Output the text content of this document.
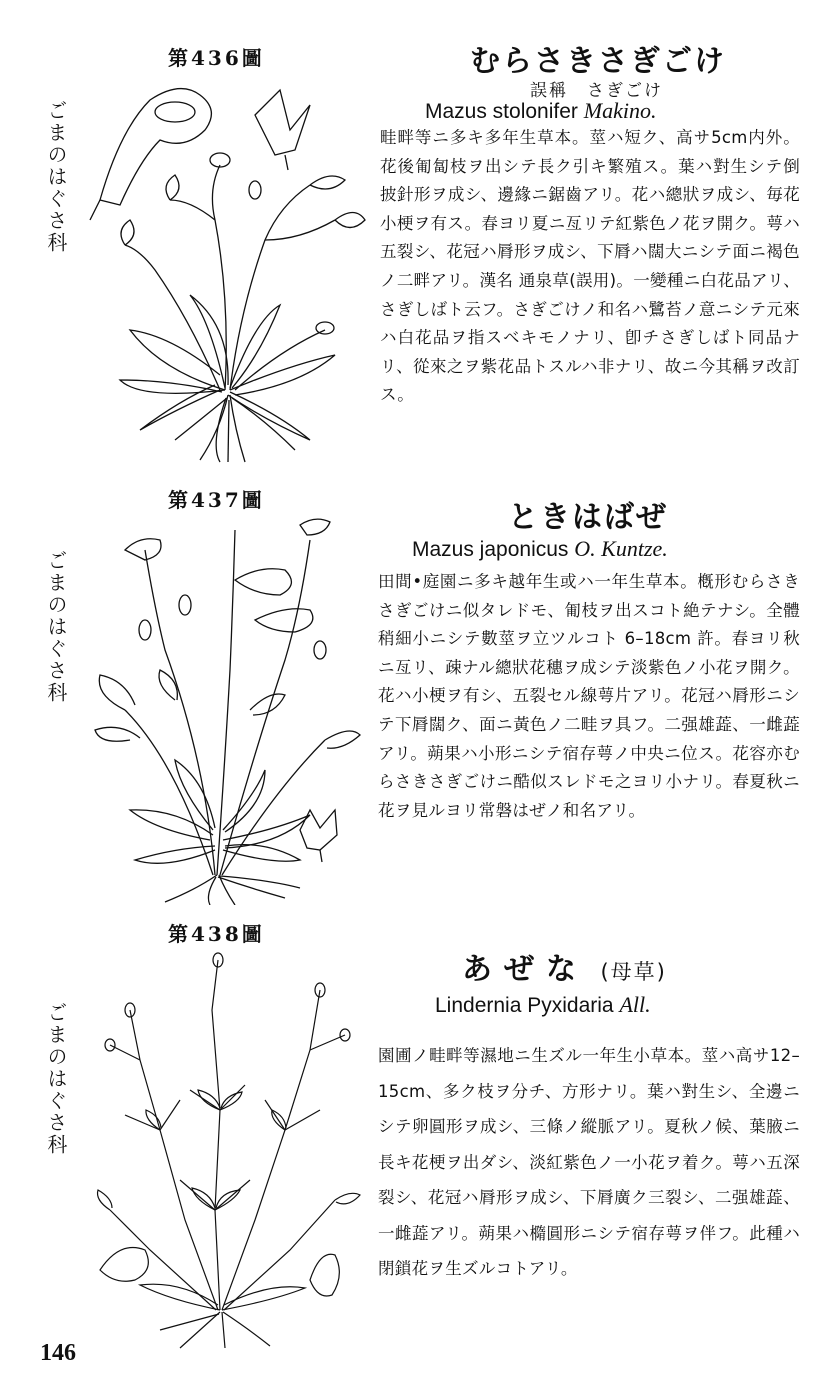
第436圖
ごまのはぐさ科
むらさきさぎごけ
誤稱　さぎごけ
Mazus stolonifer Makino.
畦畔等ニ多キ多年生草本。莖ハ短ク、高サ5cm内外。花後匍匐枝ヲ出シテ長ク引キ繁殖ス。葉ハ對生シテ倒披針形ヲ成シ、邊緣ニ鋸齒アリ。花ハ總狀ヲ成シ、毎花小梗ヲ有ス。春ヨリ夏ニ亙リテ紅紫色ノ花ヲ開ク。萼ハ五裂シ、花冠ハ脣形ヲ成シ、下脣ハ闊大ニシテ面ニ褐色ノ二畔アリ。漢名 通泉草(誤用)。一變種ニ白花品アリ、さぎしばト云フ。さぎごけノ和名ハ鷺苔ノ意ニシテ元來ハ白花品ヲ指スベキモノナリ、卽チさぎしばト同品ナリ、從來之ヲ紫花品トスルハ非ナリ、故ニ今其稱ヲ改訂ス。
第437圖
ごまのはぐさ科
ときはばぜ
Mazus japonicus O. Kuntze.
田間•庭園ニ多キ越年生或ハ一年生草本。槪形むらさきさぎごけニ似タレドモ、匍枝ヲ出スコト絶テナシ。全體稍細小ニシテ數莖ヲ立ツルコト 6–18cm 許。春ヨリ秋ニ亙リ、疎ナル總狀花穗ヲ成シテ淡紫色ノ小花ヲ開ク。花ハ小梗ヲ有シ、五裂セル線萼片アリ。花冠ハ脣形ニシテ下脣闊ク、面ニ黃色ノ二畦ヲ具フ。二强雄蕋、一雌蕋アリ。蒴果ハ小形ニシテ宿存萼ノ中央ニ位ス。花容亦むらさきさぎごけニ酷似スレドモ之ヨリ小ナリ。春夏秋ニ花ヲ見ルヨリ常磐はぜノ和名アリ。
第438圖
ごまのはぐさ科
あぜな (母草)
Lindernia Pyxidaria All.
園圃ノ畦畔等濕地ニ生ズル一年生小草本。莖ハ高サ12–15cm、多ク枝ヲ分チ、方形ナリ。葉ハ對生シ、全邊ニシテ卵圓形ヲ成シ、三條ノ縱脈アリ。夏秋ノ候、葉腋ニ長キ花梗ヲ出ダシ、淡紅紫色ノ一小花ヲ着ク。萼ハ五深裂シ、花冠ハ脣形ヲ成シ、下脣廣ク三裂シ、二强雄蕋、一雌蕋アリ。蒴果ハ橢圓形ニシテ宿存萼ヲ伴フ。此種ハ閉鎖花ヲ生ズルコトアリ。
146
